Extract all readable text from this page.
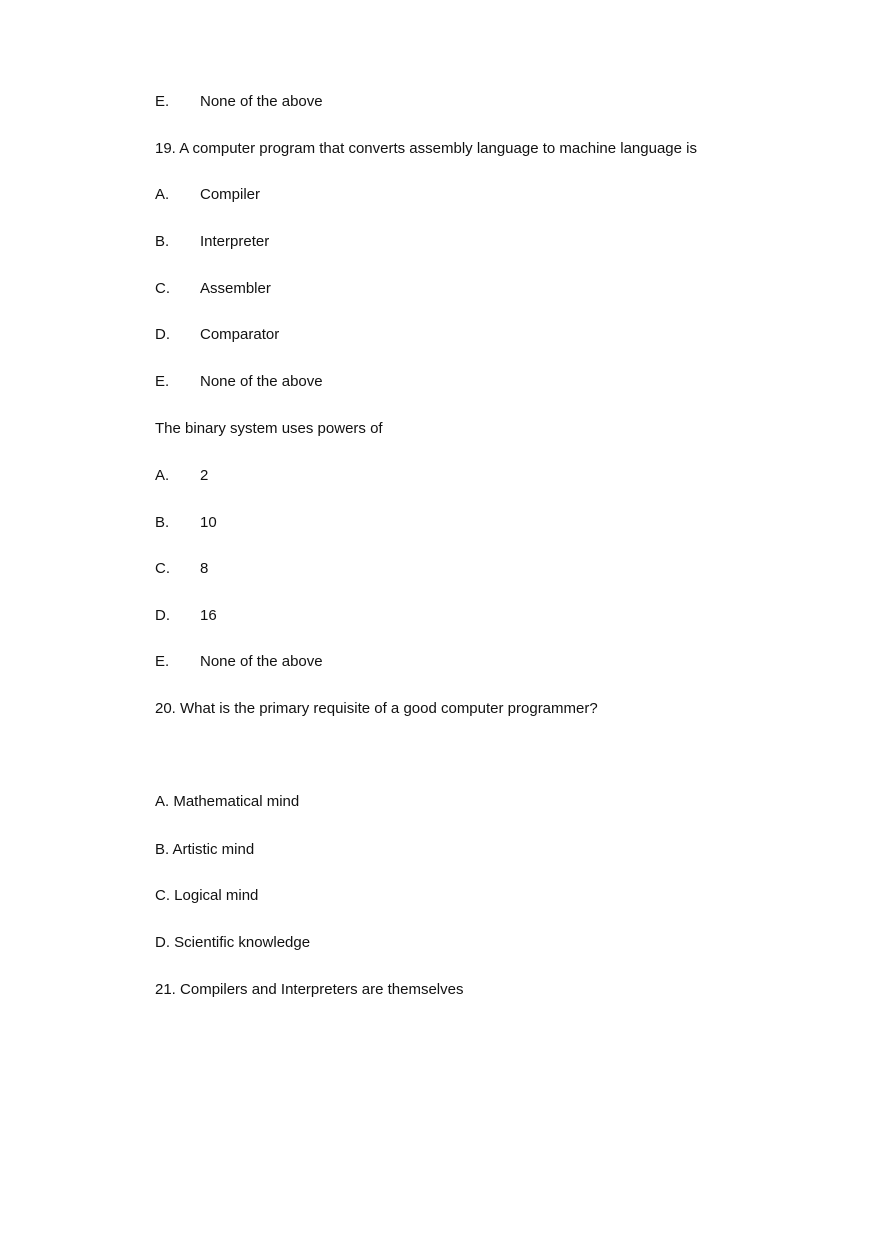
E. None of the above
19. A computer program that converts assembly language to machine language is
A. Compiler
B. Interpreter
C. Assembler
D. Comparator
E. None of the above
The binary system uses powers of
A. 2
B. 10
C. 8
D. 16
E. None of the above
20. What is the primary requisite of a good computer programmer?
A. Mathematical mind
B. Artistic mind
C. Logical mind
D. Scientific knowledge
21. Compilers and Interpreters are themselves
